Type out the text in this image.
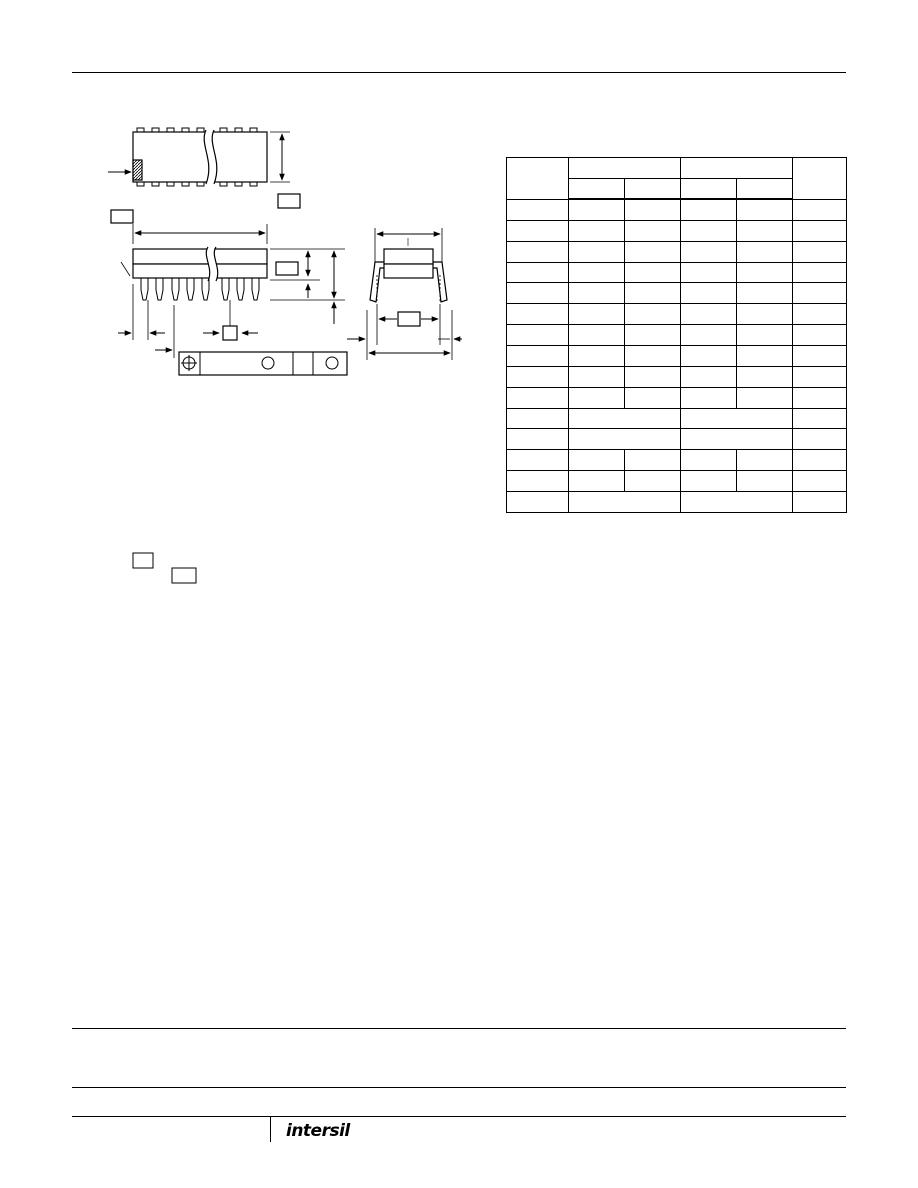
intersil
